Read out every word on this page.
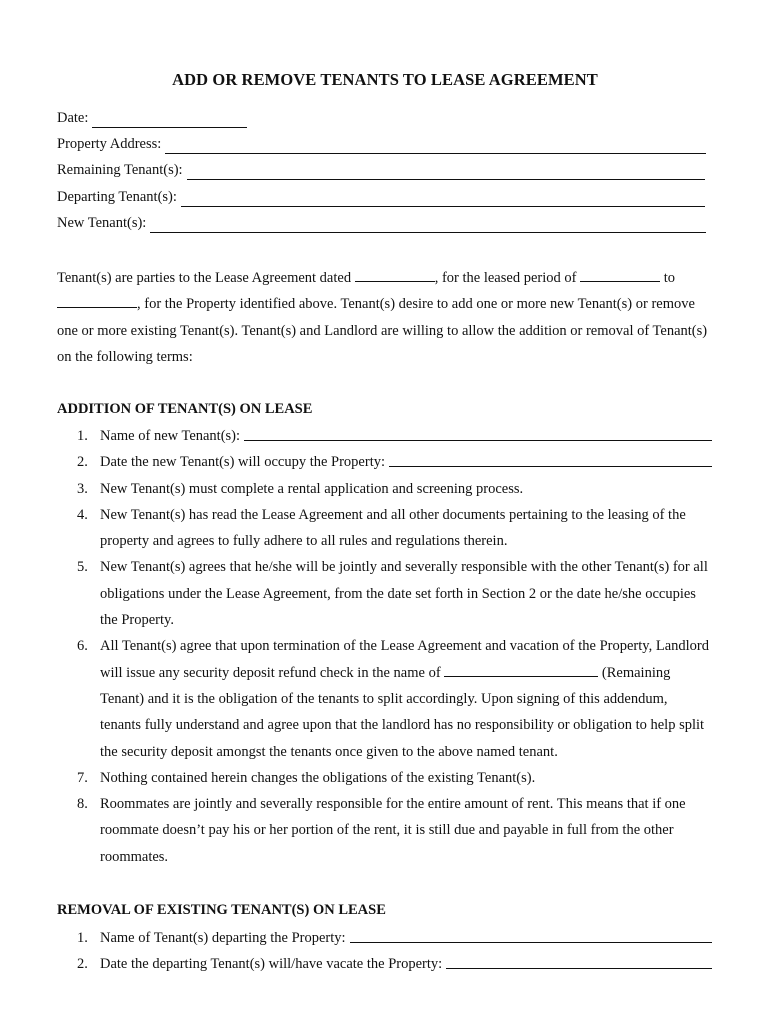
ADD OR REMOVE TENANTS TO LEASE AGREEMENT
Date:
Property Address:
Remaining Tenant(s):
Departing Tenant(s):
New Tenant(s):

Tenant(s) are parties to the Lease Agreement dated	, for the leased period of	to
, for the Property identified above. Tenant(s) desire to add one or more new Tenant(s) or remove one or more existing Tenant(s). Tenant(s) and Landlord are willing to allow the addition or removal of Tenant(s) on the following terms:

ADDITION OF TENANT(S) ON LEASE
1. Name of new Tenant(s):
2. Date the new Tenant(s) will occupy the Property:
3. New Tenant(s) must complete a rental application and screening process.
4. New Tenant(s) has read the Lease Agreement and all other documents pertaining to the leasing of the property and agrees to fully adhere to all rules and regulations therein.
5. New Tenant(s) agrees that he/she will be jointly and severally responsible with the other Tenant(s) for all obligations under the Lease Agreement, from the date set forth in Section 2 or the date he/she occupies the Property.
6. All Tenant(s) agree that upon termination of the Lease Agreement and vacation of the Property, Landlord will issue any security deposit refund check in the name of	(Remaining Tenant) and it is the obligation of the tenants to split accordingly. Upon signing of this addendum, tenants fully understand and agree upon that the landlord has no responsibility or obligation to help split the security deposit amongst the tenants once given to the above named tenant.
7. Nothing contained herein changes the obligations of the existing Tenant(s).
8. Roommates are jointly and severally responsible for the entire amount of rent. This means that if one roommate doesn’t pay his or her portion of the rent, it is still due and payable in full from the other roommates.
REMOVAL OF EXISTING TENANT(S) ON LEASE
1. Name of Tenant(s) departing the Property:
2. Date the departing Tenant(s) will/have vacate the Property:
